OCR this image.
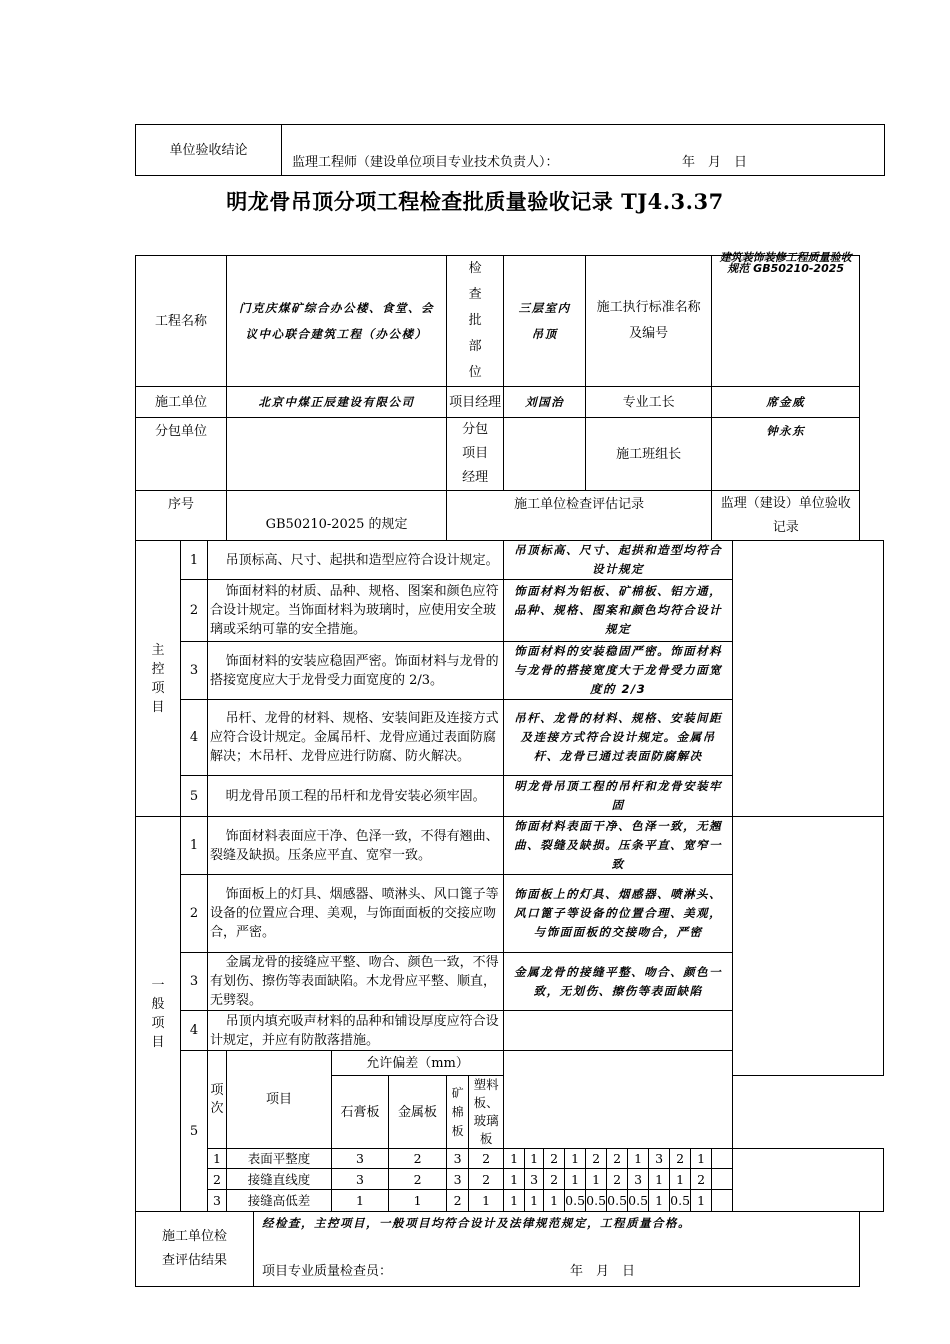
单位验收结论	
监理工程师（建设单位项目专业技术负责人）：	年　月　日
明龙骨吊顶分项工程检查批质量验收记录 TJ4.3.37
工程名称			门克庆煤矿综合办公楼、食堂、会议中心联合建筑工程（办公楼）				检查批部位		三层室内吊顶				施工执行标准名称及编号						建筑装饰装修工程质量验收规范 GB50210-2025	

施工单位			北京中煤正辰建设有限公司				项目经理		刘国治				专业工长						席金威	
分包单位							分包项目经理						施工班组长						钟永东	
序号			GB50210-2025 的规定				施工单位检查评估记录												监理（建设）单位验收记录	
主控项目	1	吊顶标高、尺寸、起拱和造型应符合设计规定。							吊顶标高、尺寸、起拱和造型均符合设计规定											
	2	饰面材料的材质、品种、规格、图案和颜色应符合设计规定。当饰面材料为玻璃时，应使用安全玻璃或采纳可靠的安全措施。							饰面材料为铝板、矿棉板、铝方通，品种、规格、图案和颜色均符合设计规定											
	3	饰面材料的安装应稳固严密。饰面材料与龙骨的搭接宽度应大于龙骨受力面宽度的 2/3。							饰面材料的安装稳固严密。饰面材料与龙骨的搭接宽度大于龙骨受力面宽度的 2/3											
	4	吊杆、龙骨的材料、规格、安装间距及连接方式应符合设计规定。金属吊杆、龙骨应通过表面防腐解决；木吊杆、龙骨应进行防腐、防火解决。							吊杆、龙骨的材料、规格、安装间距及连接方式符合设计规定。金属吊杆、龙骨已通过表面防腐解决											
	5	明龙骨吊顶工程的吊杆和龙骨安装必须牢固。							明龙骨吊顶工程的吊杆和龙骨安装牢固											
一般项目	1	饰面材料表面应干净、色泽一致，不得有翘曲、裂缝及缺损。压条应平直、宽窄一致。							饰面材料表面干净、色泽一致，无翘曲、裂缝及缺损。压条平直、宽窄一致											
	2	饰面板上的灯具、烟感器、喷淋头、风口篦子等设备的位置应合理、美观，与饰面面板的交接应吻合，严密。							饰面板上的灯具、烟感器、喷淋头、风口篦子等设备的位置合理、美观，与饰面面板的交接吻合，严密											
	3	金属龙骨的接缝应平整、吻合、颜色一致，不得有划伤、擦伤等表面缺陷。木龙骨应平整、顺直，无劈裂。							金属龙骨的接缝平整、吻合、颜色一致，无划伤、擦伤等表面缺陷											
	4	吊顶内填充吸声材料的品种和铺设厚度应符合设计规定，并应有防散落措施。																		
	5	项次	项目		允许偏差（mm）															
					石膏板	金属板	矿棉板	塑料板、玻璃板												
		1	表面平整度		3	2	3	2	1	1	2	1	2	2	1	3	2	1		
		2	接缝直线度		3	2	3	2	1	3	2	1	1	2	3	1	1	2		
		3	接缝高低差		1	1	2	1	1	1	1	0.5	0.5	0.5	0.5	1	0.5	1		
施工单位检查评估结果				经检查，主控项目，一般项目均符合设计及法律规范规定，工程质量合格。
项目专业质量检查员： 年　月　日																
